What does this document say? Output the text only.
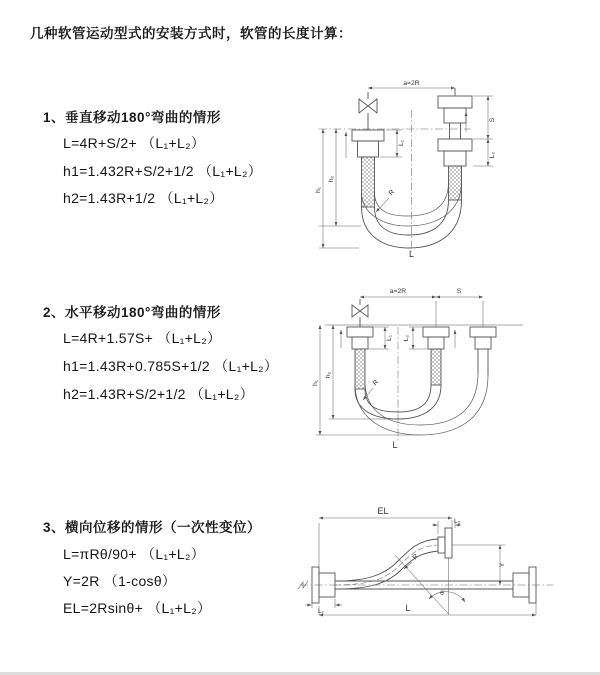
几种软管运动型式的安装方式时，软管的长度计算：
1、垂直移动180°弯曲的情形
L=4R+S/2+ （L₁+L₂）
h1=1.432R+S/2+1/2 （L₁+L₂）
h2=1.43R+1/2 （L₁+L₂）
2、水平移动180°弯曲的情形
L=4R+1.57S+ （L₁+L₂）
h1=1.43R+0.785S+1/2 （L₁+L₂）
h2=1.43R+S/2+1/2 （L₁+L₂）
3、横向位移的情形（一次性变位）
L=πRθ/90+ （L₁+L₂）
Y=2R （1-cosθ）
EL=2Rsinθ+ （L₁+L₂）
a=2R
S
L₂
L₁
h₁
h₂
R
L
a=2R	S
L₁ L₂
h₁
h₂
R
L
EL
L₂
Y
R
θ
L
L₁
